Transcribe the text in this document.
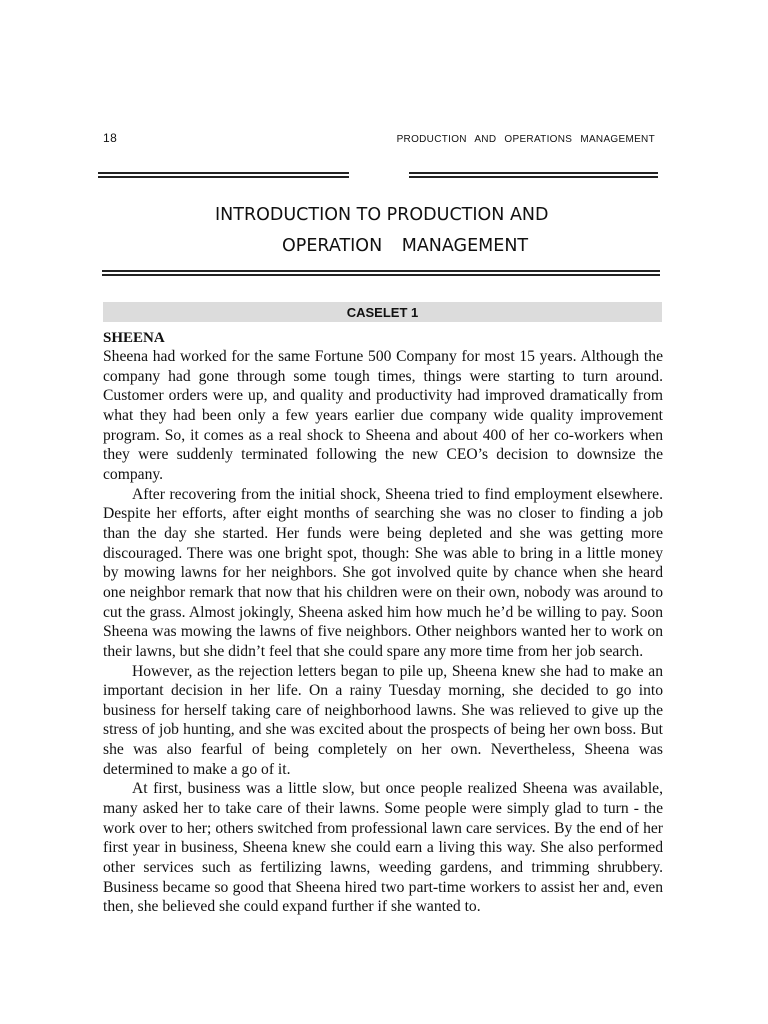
18	PRODUCTION AND OPERATIONS MANAGEMENT
INTRODUCTION TO PRODUCTION AND
OPERATION MANAGEMENT
CASELET 1
SHEENA

Sheena had worked for the same Fortune 500 Company for most 15 years. Although the company had gone through some tough times, things were starting to turn around. Customer orders were up, and quality and productivity had improved dramatically from what they had been only a few years earlier due company wide quality improvement program. So, it comes as a real shock to Sheena and about 400 of her co-workers when they were suddenly terminated following the new CEO’s decision to downsize the company.

After recovering from the initial shock, Sheena tried to find employment elsewhere. Despite her efforts, after eight months of searching she was no closer to finding a job than the day she started. Her funds were being depleted and she was getting more discouraged. There was one bright spot, though: She was able to bring in a little money by mowing lawns for her neighbors. She got involved quite by chance when she heard one neighbor remark that now that his children were on their own, nobody was around to cut the grass. Almost jokingly, Sheena asked him how much he’d be willing to pay. Soon Sheena was mowing the lawns of five neighbors. Other neighbors wanted her to work on their lawns, but she didn’t feel that she could spare any more time from her job search.

However, as the rejection letters began to pile up, Sheena knew she had to make an important decision in her life. On a rainy Tuesday morning, she decided to go into business for herself taking care of neighborhood lawns. She was relieved to give up the stress of job hunting, and she was excited about the prospects of being her own boss. But she was also fearful of being completely on her own. Nevertheless, Sheena was determined to make a go of it.

At first, business was a little slow, but once people realized Sheena was available, many asked her to take care of their lawns. Some people were simply glad to turn - the work over to her; others switched from professional lawn care services. By the end of her first year in business, Sheena knew she could earn a living this way. She also performed other services such as fertilizing lawns, weeding gardens, and trimming shrubbery. Business became so good that Sheena hired two part-time workers to assist her and, even then, she believed she could expand further if she wanted to.
